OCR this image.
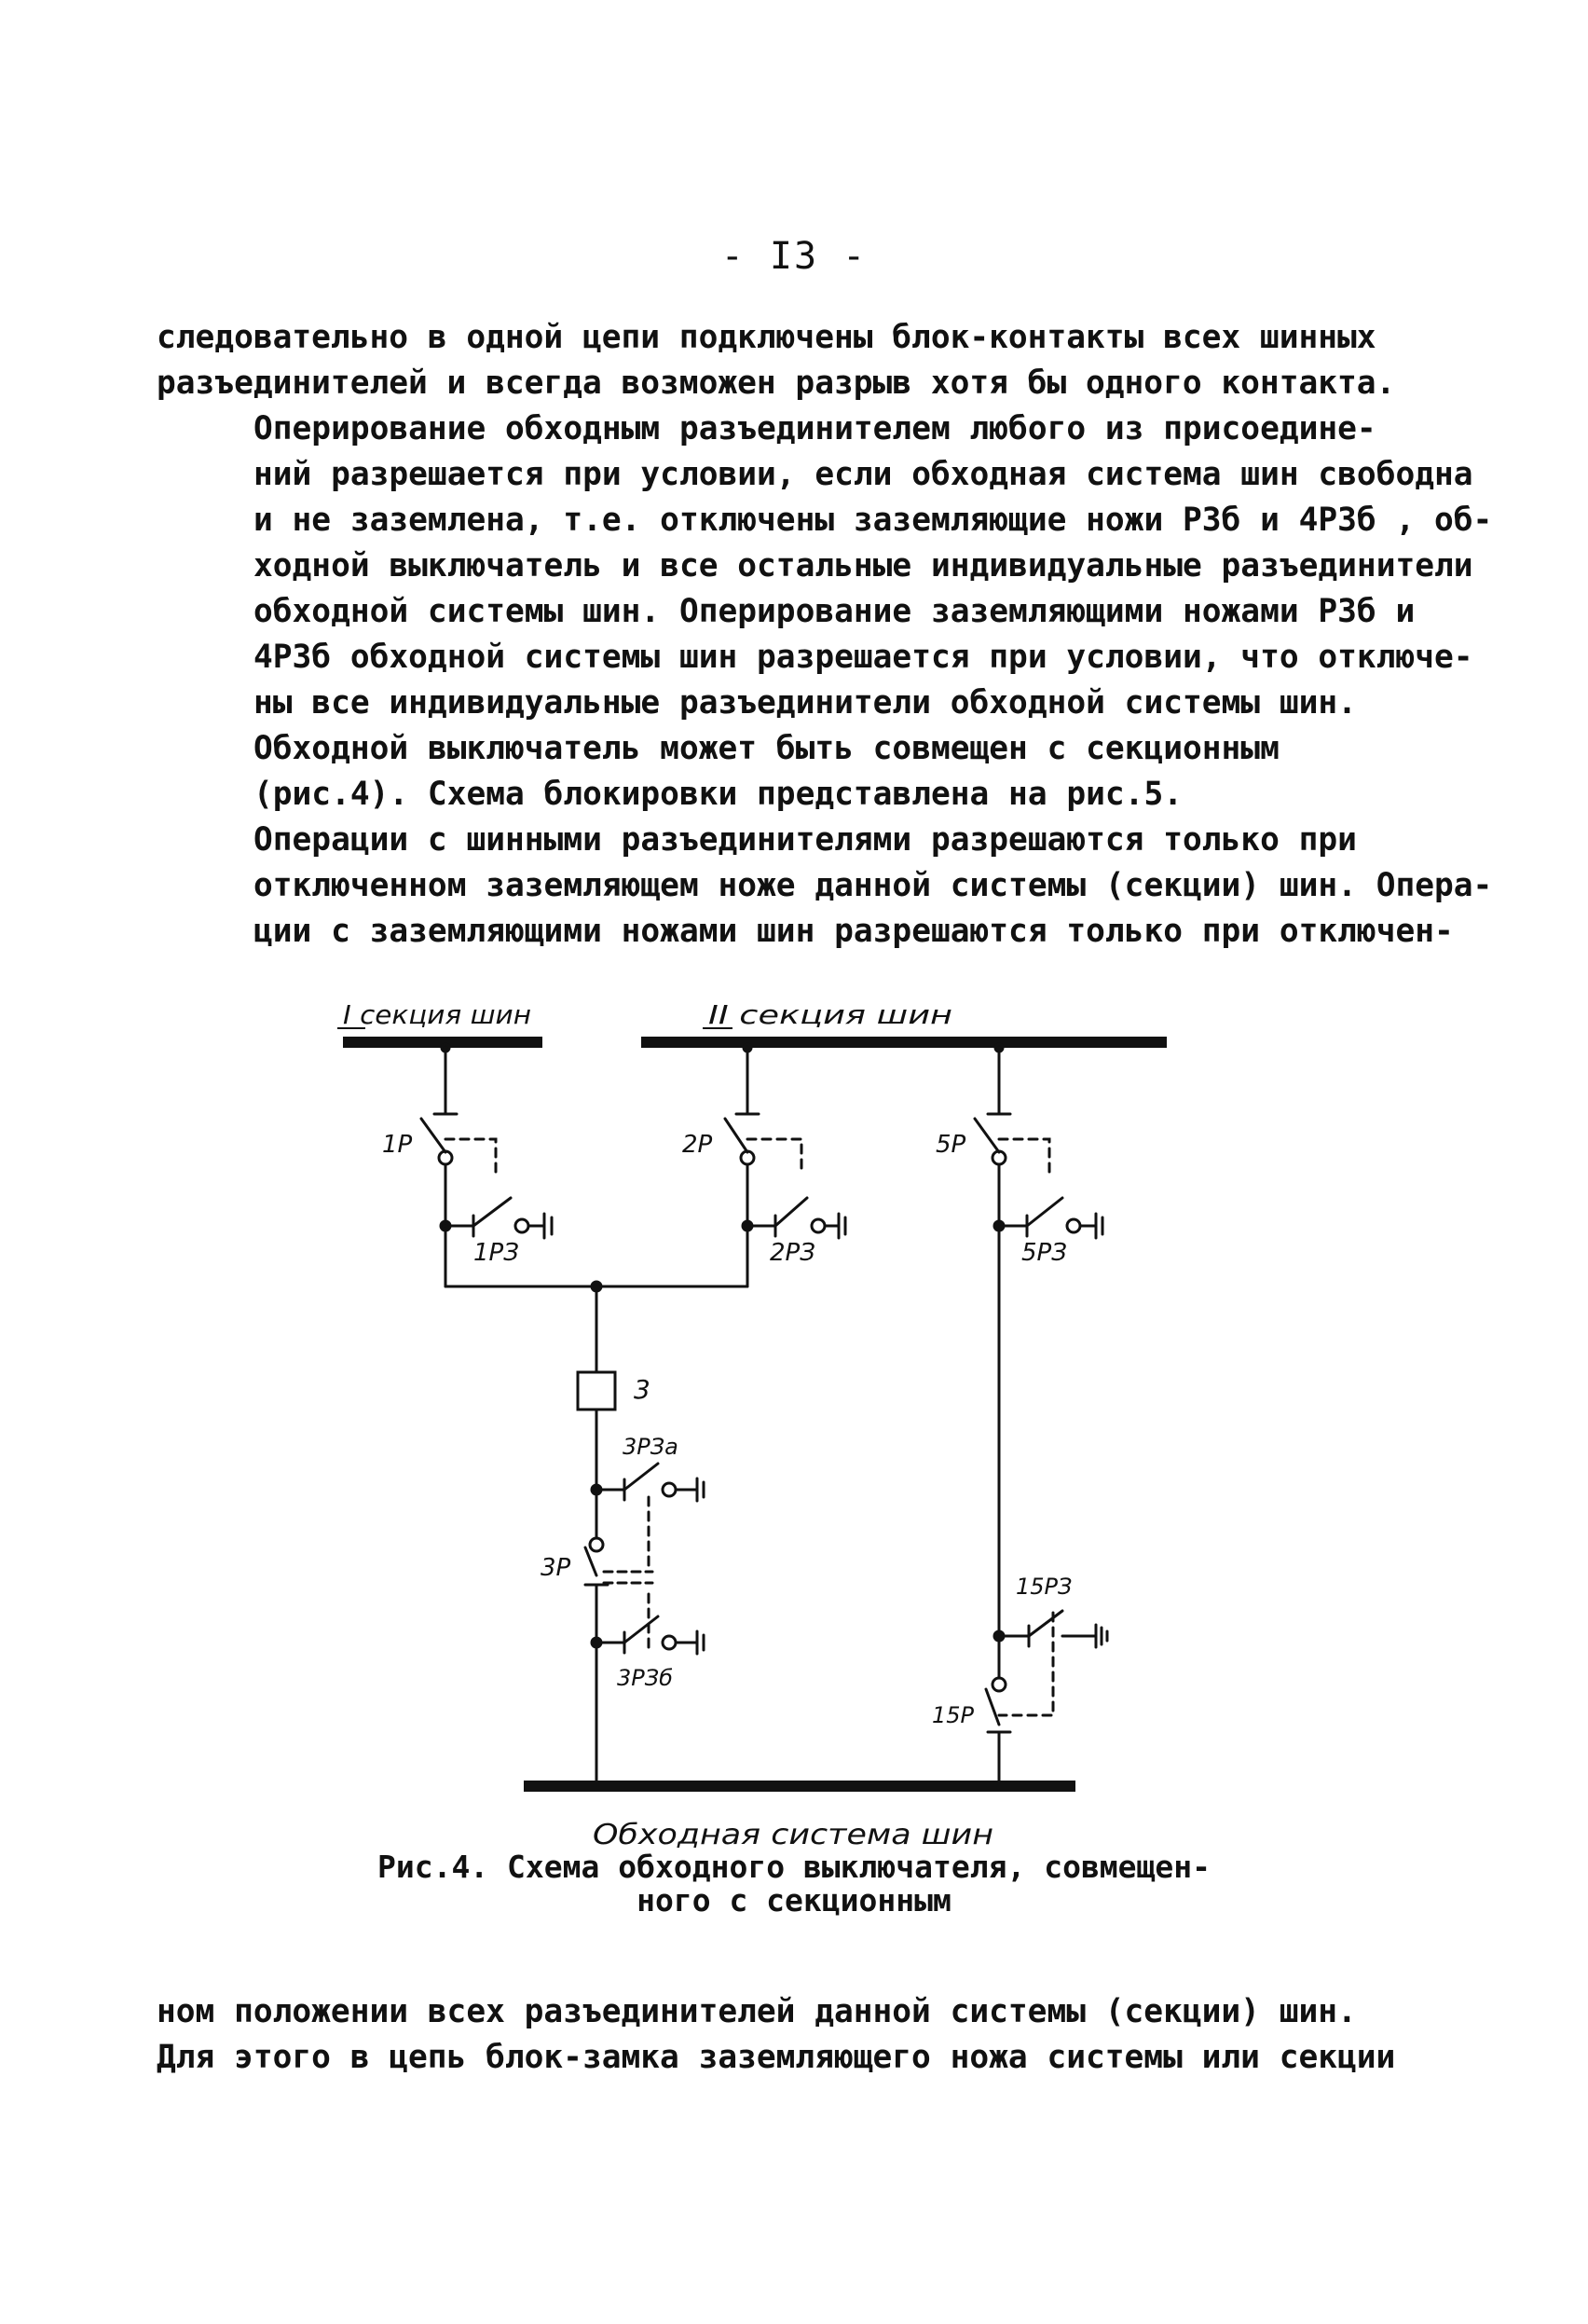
- I3 -

следовательно в одной цепи подключены блок-контакты всех шинных
разъединителей и всегда возможен разрыв хотя бы одного контакта.

Оперирование обходным разъединителем любого из присоедине-
ний разрешается при условии, если обходная система шин свободна
и не заземлена, т.е. отключены заземляющие ножи РЗб и 4РЗб , об-
ходной выключатель и все остальные индивидуальные разъединители
обходной системы шин. Оперирование заземляющими ножами РЗб и
4РЗб обходной системы шин разрешается при условии, что отключе-
ны все индивидуальные разъединители обходной системы шин.

Обходной выключатель может быть совмещен с секционным
(рис.4). Схема блокировки представлена на рис.5.

Операции с шинными разъединителями разрешаются только при
отключенном заземляющем ноже данной системы (секции) шин. Опера-
ции с заземляющими ножами шин разрешаются только при отключен-

I секция шин	II секция шин
1Р
1РЗ
2Р
2РЗ
5Р
5РЗ
3
3РЗа
3Р
3РЗб
15РЗ
15Р
Обходная система шин
Рис.4. Схема обходного выключателя, совмещен-
ного с секционным

ном положении всех разъединителей данной системы (секции) шин.
Для этого в цепь блок-замка заземляющего ножа системы или секции
